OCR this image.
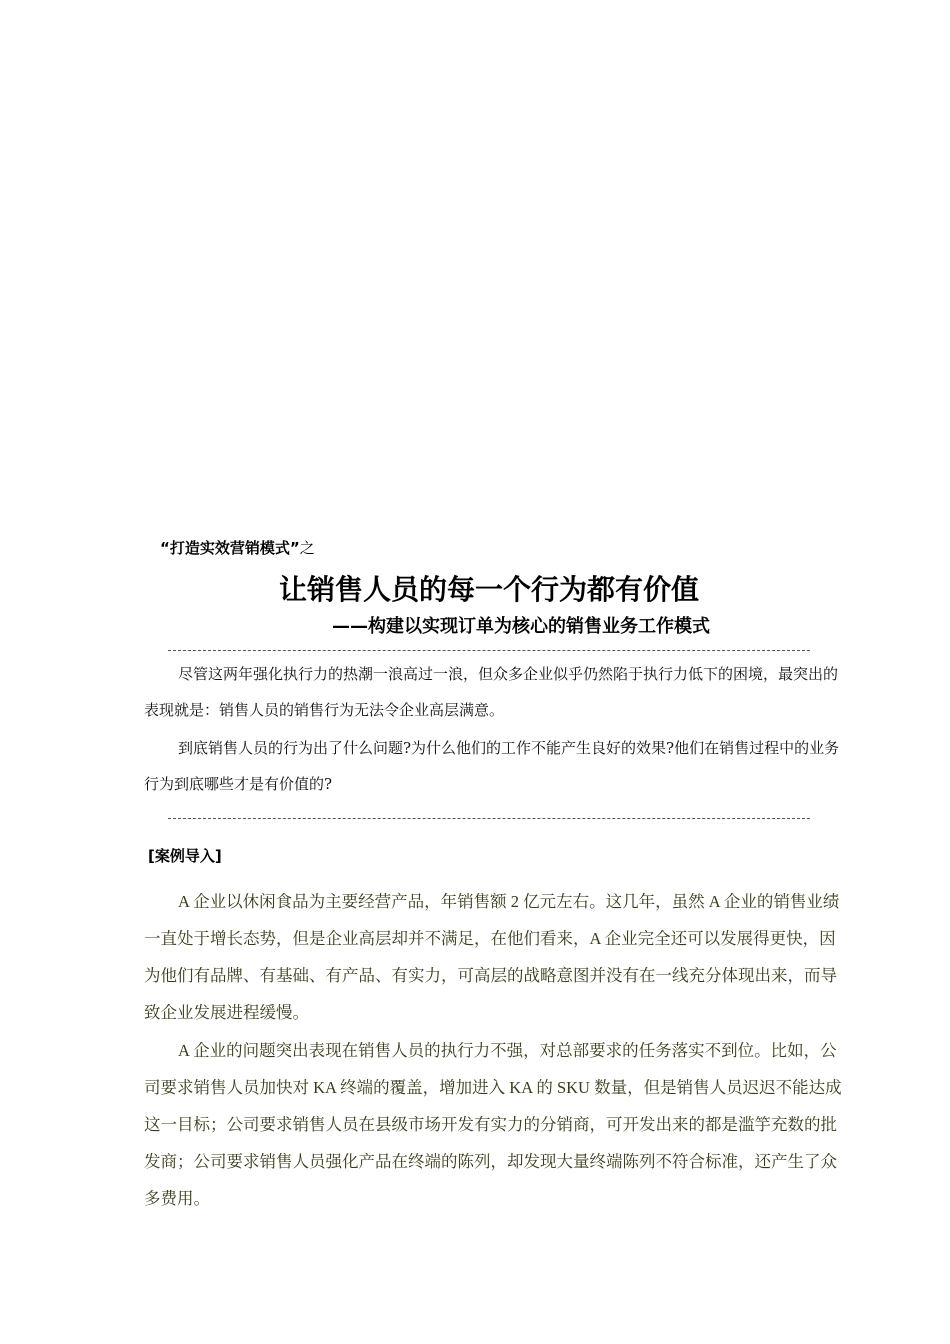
“打造实效营销模式”之
让销售人员的每一个行为都有价值
——构建以实现订单为核心的销售业务工作模式

尽管这两年强化执行力的热潮一浪高过一浪，但众多企业似乎仍然陷于执行力低下的困境，最突出的表现就是：销售人员的销售行为无法令企业高层满意。

到底销售人员的行为出了什么问题?为什么他们的工作不能产生良好的效果?他们在销售过程中的业务行为到底哪些才是有价值的?

[案例导入]

A 企业以休闲食品为主要经营产品，年销售额 2 亿元左右。这几年，虽然 A 企业的销售业绩一直处于增长态势，但是企业高层却并不满足，在他们看来，A 企业完全还可以发展得更快，因为他们有品牌、有基础、有产品、有实力，可高层的战略意图并没有在一线充分体现出来，而导致企业发展进程缓慢。

A 企业的问题突出表现在销售人员的执行力不强，对总部要求的任务落实不到位。比如，公司要求销售人员加快对 KA 终端的覆盖，增加进入 KA 的 SKU 数量，但是销售人员迟迟不能达成这一目标；公司要求销售人员在县级市场开发有实力的分销商，可开发出来的都是滥竽充数的批发商；公司要求销售人员强化产品在终端的陈列，却发现大量终端陈列不符合标准，还产生了众多费用。
